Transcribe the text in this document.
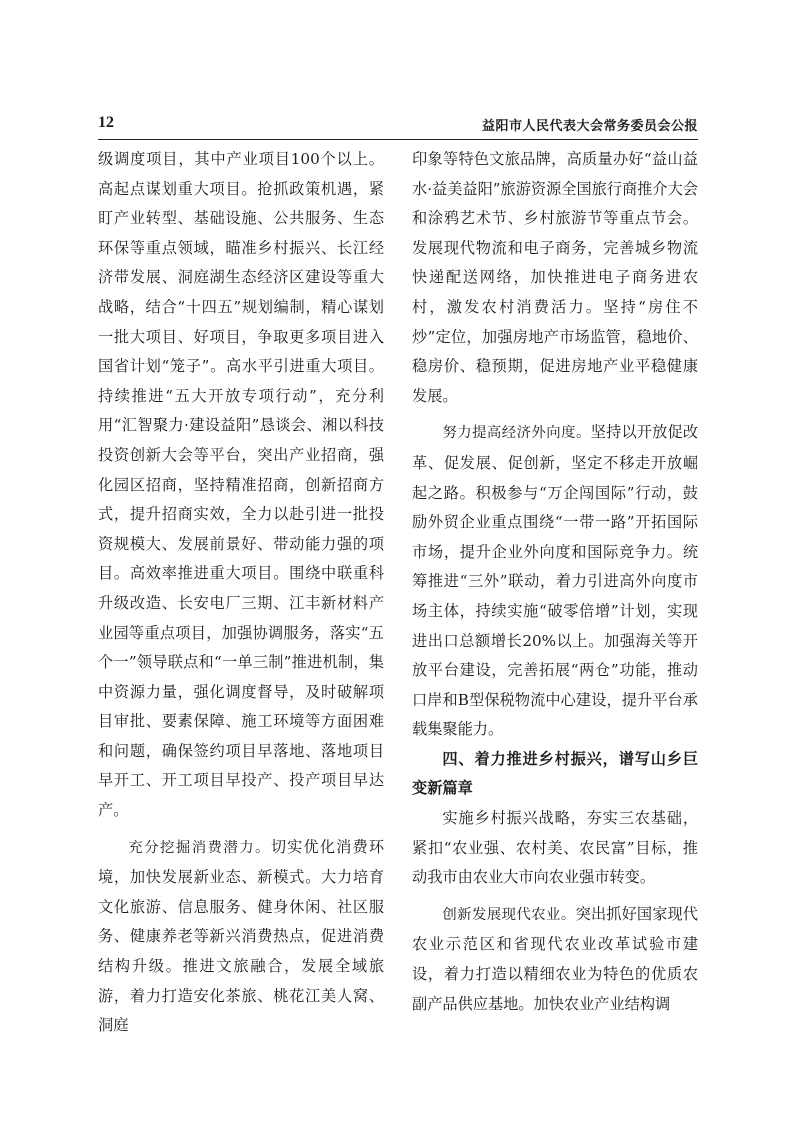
12	益阳市人民代表大会常务委员会公报

级调度项目，其中产业项目100个以上。高起点谋划重大项目。抢抓政策机遇，紧盯产业转型、基础设施、公共服务、生态环保等重点领域，瞄准乡村振兴、长江经济带发展、洞庭湖生态经济区建设等重大战略，结合“十四五”规划编制，精心谋划一批大项目、好项目，争取更多项目进入国省计划“笼子”。高水平引进重大项目。持续推进“五大开放专项行动”，充分利用“汇智聚力·建设益阳”恳谈会、湘以科技投资创新大会等平台，突出产业招商，强化园区招商，坚持精准招商，创新招商方式，提升招商实效，全力以赴引进一批投资规模大、发展前景好、带动能力强的项目。高效率推进重大项目。围绕中联重科升级改造、长安电厂三期、江丰新材料产业园等重点项目，加强协调服务，落实“五个一”领导联点和“一单三制”推进机制，集中资源力量，强化调度督导，及时破解项目审批、要素保障、施工环境等方面困难和问题，确保签约项目早落地、落地项目早开工、开工项目早投产、投产项目早达产。

充分挖掘消费潜力。切实优化消费环境，加快发展新业态、新模式。大力培育文化旅游、信息服务、健身休闲、社区服务、健康养老等新兴消费热点，促进消费结构升级。推进文旅融合，发展全域旅游，着力打造安化茶旅、桃花江美人窝、洞庭

印象等特色文旅品牌，高质量办好“益山益水·益美益阳”旅游资源全国旅行商推介大会和涂鸦艺术节、乡村旅游节等重点节会。发展现代物流和电子商务，完善城乡物流快递配送网络，加快推进电子商务进农村，激发农村消费活力。坚持“房住不炒”定位，加强房地产市场监管，稳地价、稳房价、稳预期，促进房地产业平稳健康发展。

努力提高经济外向度。坚持以开放促改革、促发展、促创新，坚定不移走开放崛起之路。积极参与“万企闯国际”行动，鼓励外贸企业重点围绕“一带一路”开拓国际市场，提升企业外向度和国际竞争力。统筹推进“三外”联动，着力引进高外向度市场主体，持续实施“破零倍增”计划，实现进出口总额增长20%以上。加强海关等开放平台建设，完善拓展“两仓”功能，推动口岸和B型保税物流中心建设，提升平台承载集聚能力。

四、着力推进乡村振兴，谱写山乡巨变新篇章

实施乡村振兴战略，夯实三农基础，紧扣“农业强、农村美、农民富”目标，推动我市由农业大市向农业强市转变。

创新发展现代农业。突出抓好国家现代农业示范区和省现代农业改革试验市建设，着力打造以精细农业为特色的优质农副产品供应基地。加快农业产业结构调
